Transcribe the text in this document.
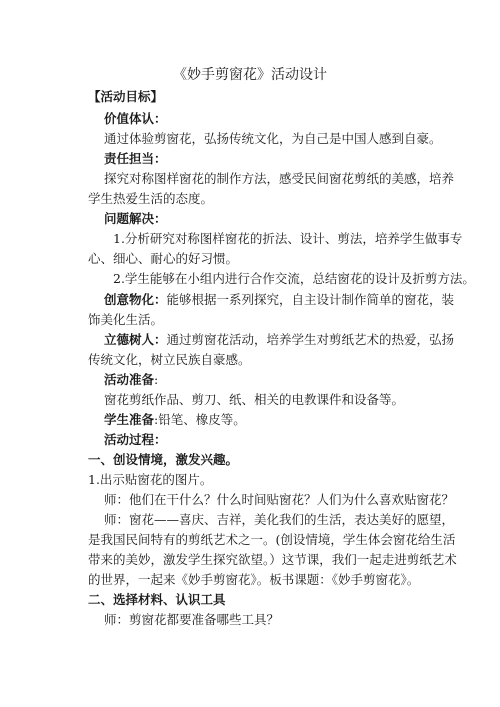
《妙手剪窗花》活动设计
【活动目标】
价值体认：
通过体验剪窗花，弘扬传统文化，为自己是中国人感到自豪。
责任担当：
探究对称图样窗花的制作方法，感受民间窗花剪纸的美感，培养
学生热爱生活的态度。
问题解决：
1.分析研究对称图样窗花的折法、设计、剪法，培养学生做事专
心、细心、耐心的好习惯。
2.学生能够在小组内进行合作交流，总结窗花的设计及折剪方法。
创意物化：能够根据一系列探究，自主设计制作简单的窗花，装
饰美化生活。
立德树人：通过剪窗花活动，培养学生对剪纸艺术的热爱，弘扬
传统文化，树立民族自豪感。
活动准备:
窗花剪纸作品、剪刀、纸、相关的电教课件和设备等。
学生准备:铅笔、橡皮等。
活动过程：
一、创设情境，激发兴趣。
1.出示贴窗花的图片。
师：他们在干什么？什么时间贴窗花？人们为什么喜欢贴窗花？
师：窗花——喜庆、吉祥，美化我们的生活，表达美好的愿望，
是我国民间特有的剪纸艺术之一。(创设情境，学生体会窗花给生活
带来的美妙，激发学生探究欲望。）这节课，我们一起走进剪纸艺术
的世界，一起来《妙手剪窗花》。板书课题：《妙手剪窗花》。
二、选择材料、认识工具
师：剪窗花都要准备哪些工具？
